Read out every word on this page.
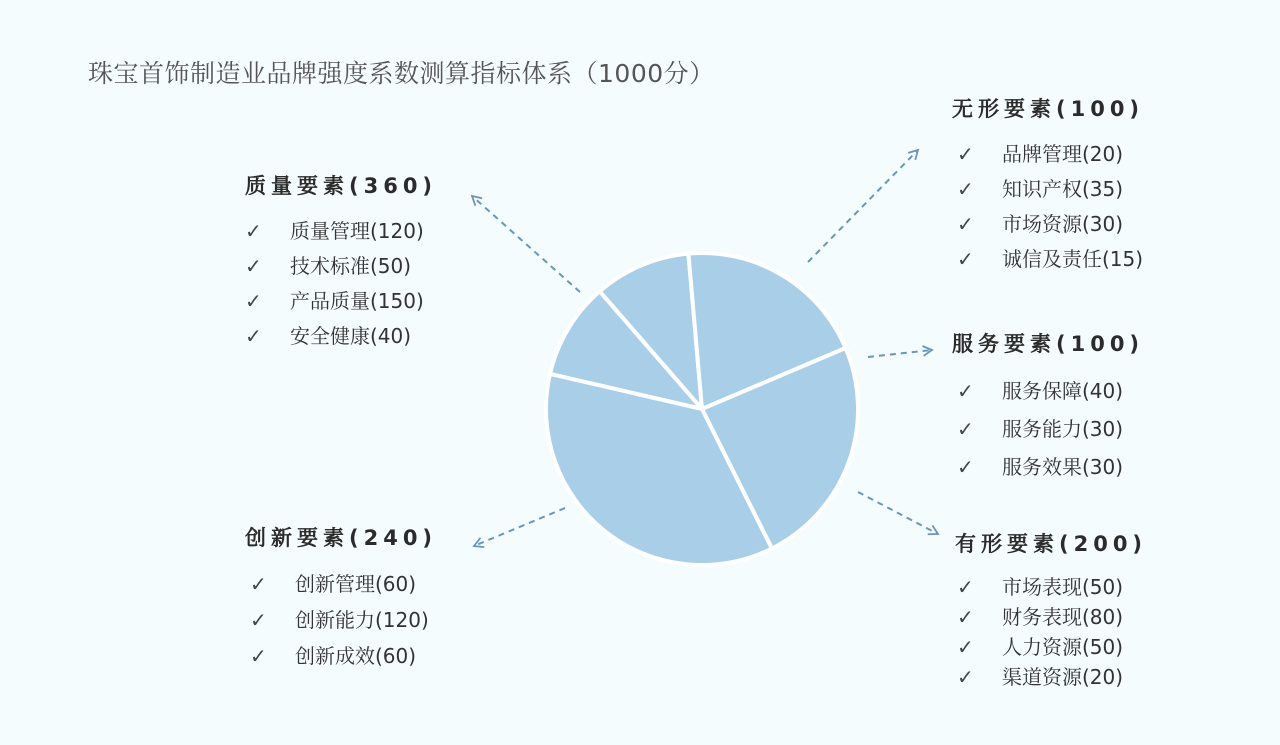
珠宝首饰制造业品牌强度系数测算指标体系（1000分）
质量要素(360)
✓	质量管理(120)
✓	技术标准(50)
✓	产品质量(150)
✓	安全健康(40)
创新要素(240)
✓	创新管理(60)
✓	创新能力(120)
✓	创新成效(60)
无形要素(100)
✓	品牌管理(20)
✓	知识产权(35)
✓	市场资源(30)
✓	诚信及责任(15)
服务要素(100)
✓	服务保障(40)
✓	服务能力(30)
✓	服务效果(30)
有形要素(200)
✓	市场表现(50)
✓	财务表现(80)
✓	人力资源(50)
✓	渠道资源(20)
